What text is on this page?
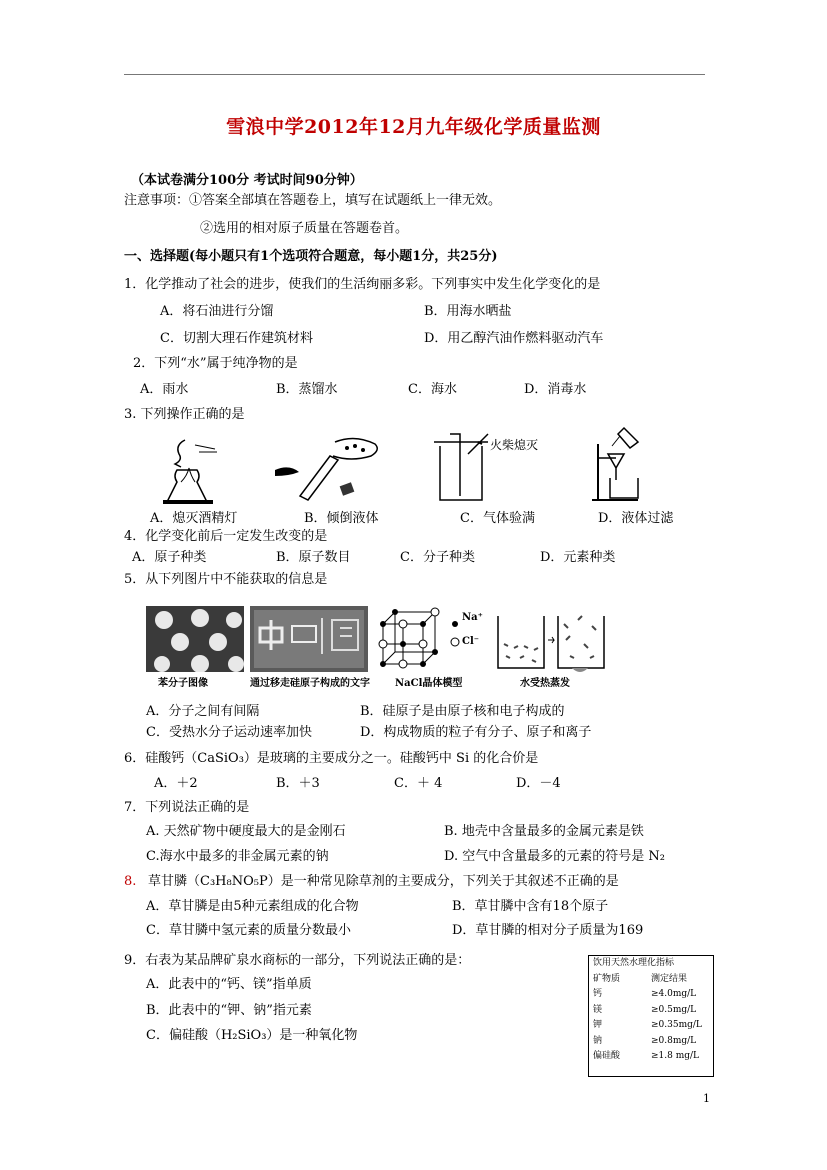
雪浪中学2012年12月九年级化学质量监测
（本试卷满分100分 考试时间90分钟）
注意事项：①答案全部填在答题卷上，填写在试题纸上一律无效。
②选用的相对原子质量在答题卷首。
一、选择题(每小题只有1个选项符合题意，每小题1分，共25分)
1．化学推动了社会的进步，使我们的生活绚丽多彩。下列事实中发生化学变化的是
A．将石油进行分馏	B．用海水晒盐
C．切割大理石作建筑材料	D．用乙醇汽油作燃料驱动汽车
2．下列“水”属于纯净物的是
A．雨水	B．蒸馏水	C．海水	D．消毒水
3. 下列操作正确的是
火柴熄灭
A．熄灭酒精灯	B．倾倒液体	C．气体验满	D．液体过滤
4．化学变化前后一定发生改变的是
A．原子种类	B．原子数目	C．分子种类	D．元素种类
5．从下列图片中不能获取的信息是
Na⁺
Cl⁻
苯分子图像	通过移走硅原子构成的文字	NaCl晶体模型	水受热蒸发
A．分子之间有间隔	B．硅原子是由原子核和电子构成的
C．受热水分子运动速率加快	D．构成物质的粒子有分子、原子和离子
6．硅酸钙（CaSiO₃）是玻璃的主要成分之一。硅酸钙中 Si 的化合价是
A．＋2	B．＋3	C．＋ 4	D．－4
7．下列说法正确的是
A. 天然矿物中硬度最大的是金刚石	B. 地壳中含量最多的金属元素是铁
C.海水中最多的非金属元素的钠	D. 空气中含量最多的元素的符号是 N₂
8. 草甘膦（C₃H₈NO₅P）是一种常见除草剂的主要成分，下列关于其叙述不正确的是
A．草甘膦是由5种元素组成的化合物	B．草甘膦中含有18个原子
C．草甘膦中氢元素的质量分数最小	D．草甘膦的相对分子质量为169
9．右表为某品牌矿泉水商标的一部分，下列说法正确的是：
A．此表中的“钙、镁”指单质
B．此表中的“钾、钠”指元素
C．偏硅酸（H₂SiO₃）是一种氧化物
饮用天然水理化指标
矿物质	测定结果
钙	≥4.0mg/L
镁	≥0.5mg/L
钾	≥0.35mg/L
钠	≥0.8mg/L
偏硅酸	≥1.8 mg/L
1
